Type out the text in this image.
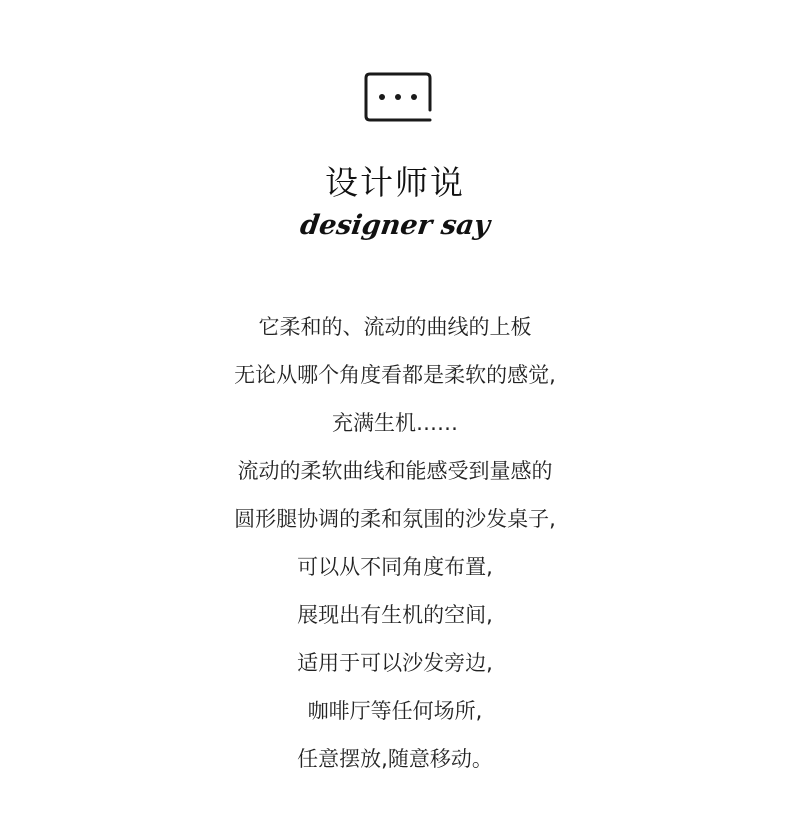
设计师说
designer say
它柔和的、流动的曲线的上板
无论从哪个角度看都是柔软的感觉,
充满生机……
流动的柔软曲线和能感受到量感的
圆形腿协调的柔和氛围的沙发桌子,
可以从不同角度布置,
展现出有生机的空间,
适用于可以沙发旁边,
咖啡厅等任何场所,
任意摆放,随意移动。
